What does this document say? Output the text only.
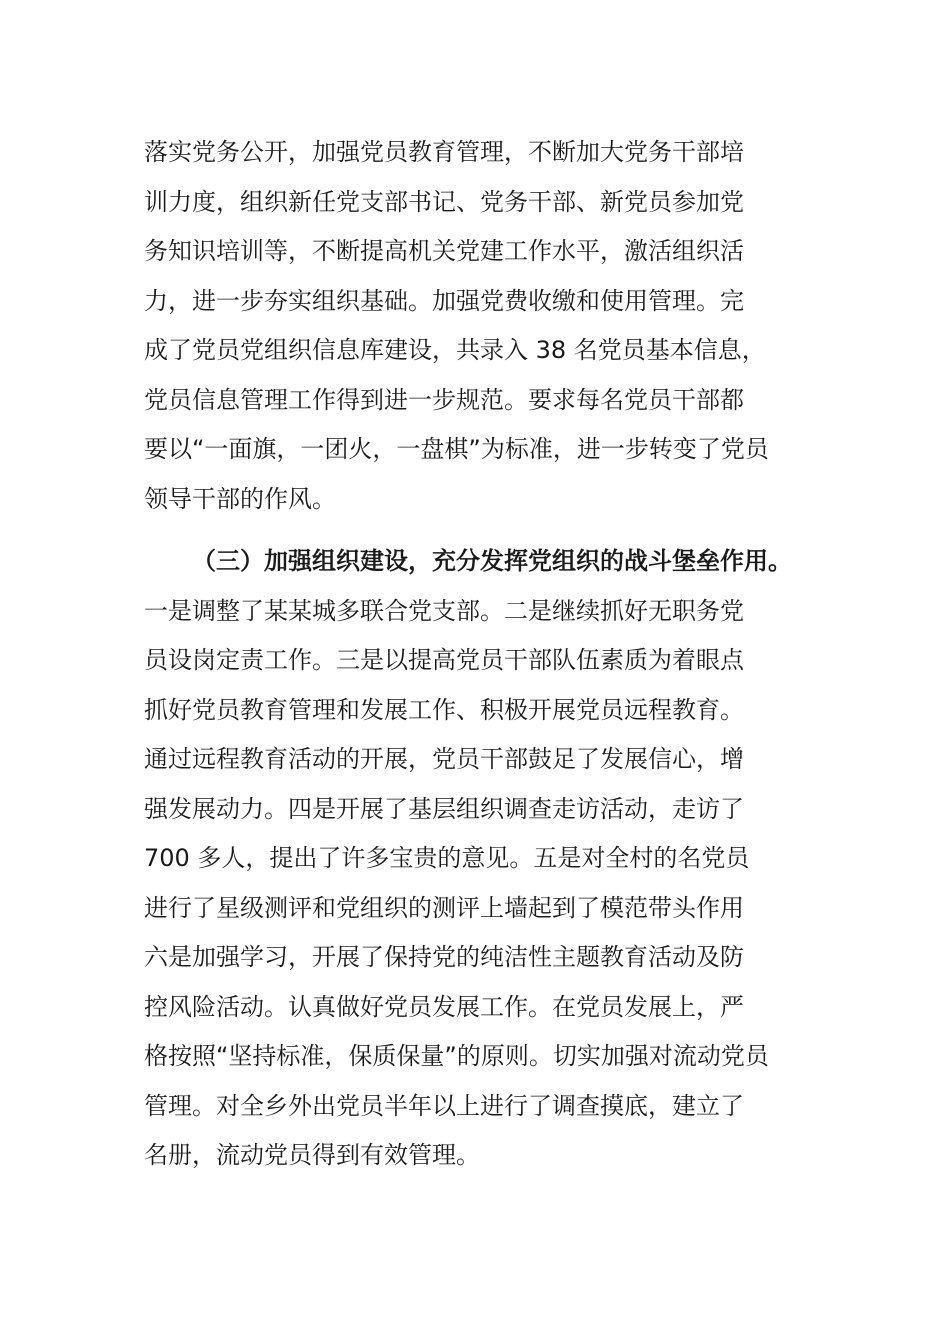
落实党务公开，加强党员教育管理，不断加大党务干部培
训力度，组织新任党支部书记、党务干部、新党员参加党
务知识培训等，不断提高机关党建工作水平，激活组织活
力，进一步夯实组织基础。加强党费收缴和使用管理。完
成了党员党组织信息库建设，共录入 38 名党员基本信息，
党员信息管理工作得到进一步规范。要求每名党员干部都
要以“一面旗，一团火，一盘棋”为标准，进一步转变了党员
领导干部的作风。
（三）加强组织建设，充分发挥党组织的战斗堡垒作用。
一是调整了某某城多联合党支部。二是继续抓好无职务党
员设岗定责工作。三是以提高党员干部队伍素质为着眼点
抓好党员教育管理和发展工作、积极开展党员远程教育。
通过远程教育活动的开展，党员干部鼓足了发展信心，增
强发展动力。四是开展了基层组织调查走访活动，走访了
700 多人，提出了许多宝贵的意见。五是对全村的名党员
进行了星级测评和党组织的测评上墙起到了模范带头作用
六是加强学习，开展了保持党的纯洁性主题教育活动及防
控风险活动。认真做好党员发展工作。在党员发展上，严
格按照“坚持标准，保质保量”的原则。切实加强对流动党员
管理。对全乡外出党员半年以上进行了调查摸底，建立了
名册，流动党员得到有效管理。
